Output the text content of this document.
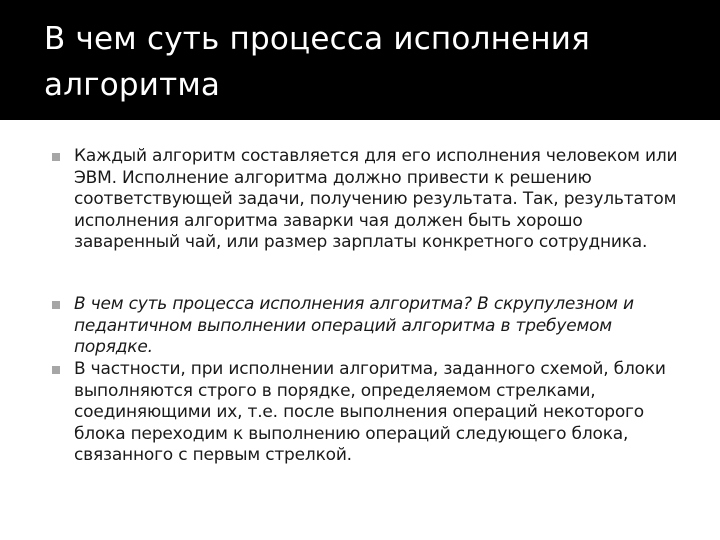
В чем суть процесса исполнения алгоритма
Каждый алгоритм составляется для его исполнения человеком или ЭВМ. Исполнение алгоритма должно привести к решению соответствующей задачи, получению результата. Так, результатом исполнения алгоритма заварки чая должен быть хорошо заваренный чай, или размер зарплаты конкретного сотрудника.
В чем суть процесса исполнения алгоритма? В скрупулезном и педантичном выполнении операций алгоритма в требуемом порядке.
В частности, при исполнении алгоритма, заданного схемой, блоки выполняются строго в порядке, определяемом стрелками, соединяющими их, т.е. после выполнения операций некоторого блока переходим к выполнению операций следующего блока, связанного с первым стрелкой.
